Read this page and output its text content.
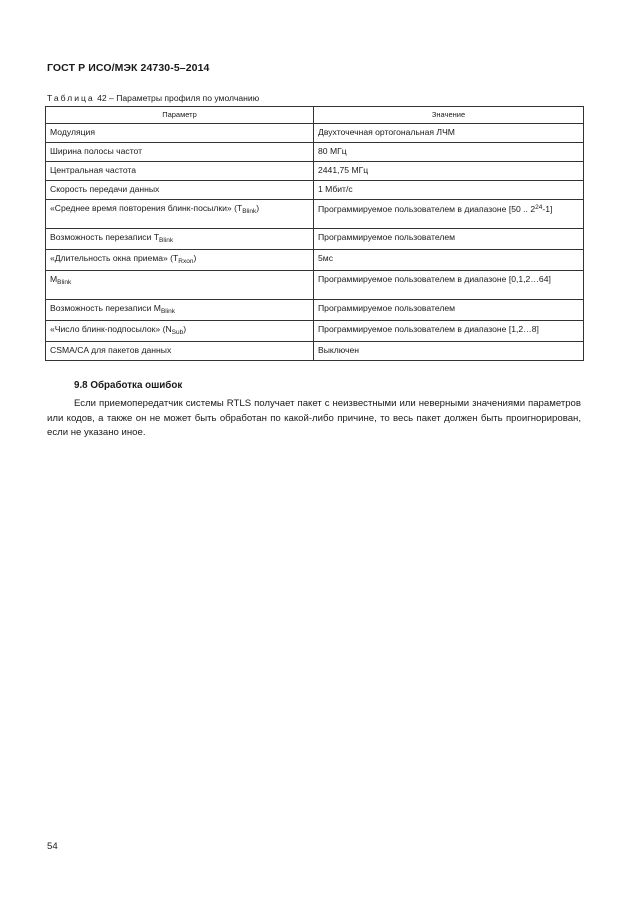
ГОСТ Р ИСО/МЭК 24730-5–2014
Таблица 42 – Параметры профиля по умолчанию
Параметр	Значение
Модуляция	Двухточечная ортогональная ЛЧМ
Ширина полосы частот	80 МГц
Центральная частота	2441,75 МГц
Скорость передачи данных	1 Мбит/с
«Среднее время повторения блинк-посылки» $(T_{Blink})$	Программируемое пользователем в диапазоне [50 .. $2^{24}-1$]
Возможность перезаписи $T_{Blink}$	Программируемое пользователем
«Длительность окна приема» $(T_{Rxon})$	5мс
$M_{Blink}$	Программируемое пользователем в диапазоне [0,1,2…64]
Возможность перезаписи $M_{Blink}$	Программируемое пользователем
«Число блинк-подпосылок» $(N_{Sub})$	Программируемое пользователем в диапазоне [1,2…8]
CSMA/CA для пакетов данных	Выключен
9.8 Обработка ошибок
Если приемопередатчик системы RTLS получает пакет с неизвестными или неверными значениями параметров или кодов, а также он не может быть обработан по какой-либо причине, то весь пакет должен быть проигнорирован, если не указано иное.
54
